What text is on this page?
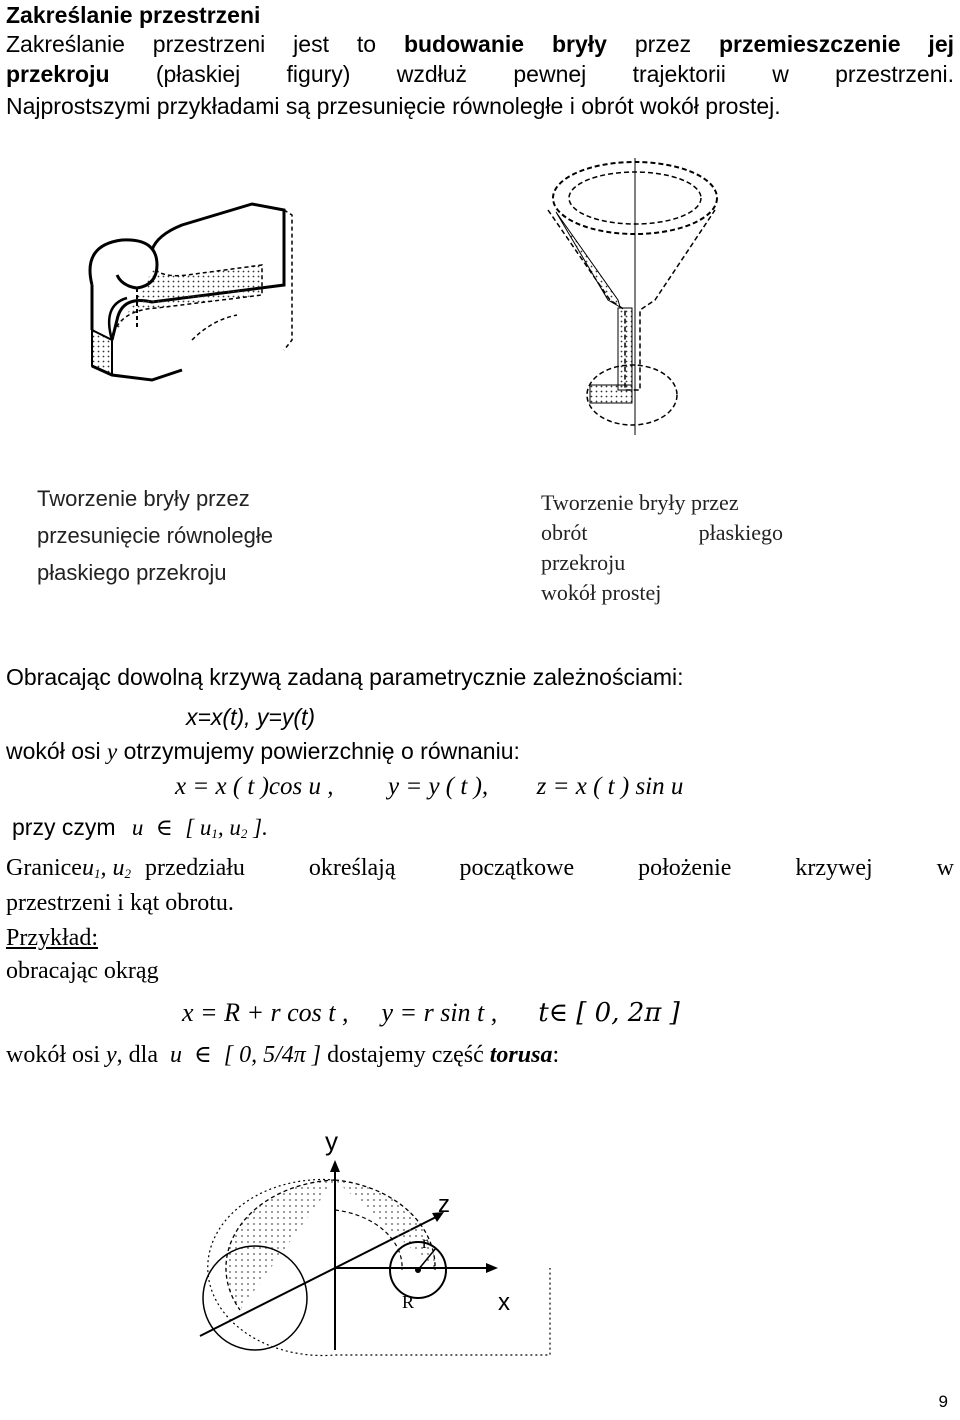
Zakreślanie przestrzeni
Zakreślanie przestrzeni jest to budowanie bryły przez przemieszczenie jej
przekroju (płaskiej figury) wzdłuż pewnej trajektorii w przestrzeni.
Najprostszymi przykładami są przesunięcie równoległe i obrót wokół prostej.
Tworzenie bryły przez
przesunięcie równoległe
płaskiego przekroju
Tworzenie bryły przez
obrót	płaskiego
przekroju
wokół prostej
Obracając dowolną krzywą zadaną parametrycznie zależnościami:
x=x(t), y=y(t)
wokół osi y otrzymujemy powierzchnię o równaniu:
x = x ( t )cos u , y = y ( t ), z = x ( t ) sin u
przy czym u ∈ [ $u_1$, $u_2$ ].
Granice $u_1$, $u_2$ przedziału określają początkowe położenie krzywej w
przestrzeni i kąt obrotu.
Przykład:
obracając okrąg
x = R + r cos t , y = r sin t , t∈ [ 0, 2π ]
wokół osi y, dla u ∈ [ 0, 5/4π ] dostajemy część torusa:
y
z
x
r
R
9
